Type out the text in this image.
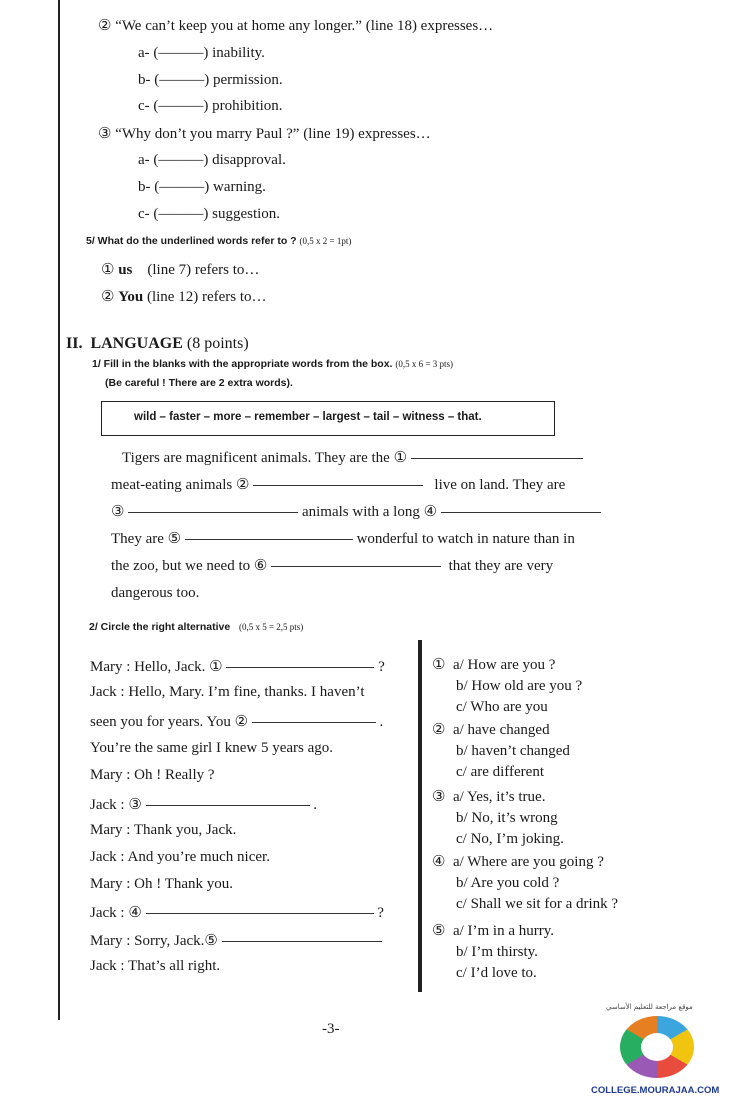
② “We can’t keep you at home any longer.” (line 18) expresses…
a- (———) inability.
b- (———) permission.
c- (———) prohibition.
③ “Why don’t you marry Paul ?” (line 19) expresses…
a- (———) disapproval.
b- (———) warning.
c- (———) suggestion.
5/ What do the underlined words refer to ? (0,5 x 2 = 1pt)
① us (line 7) refers to…
② You (line 12) refers to…
II. LANGUAGE (8 points)
1/ Fill in the blanks with the appropriate words from the box. (0,5 x 6 = 3 pts)
(Be careful ! There are 2 extra words).
wild – faster – more – remember – largest – tail – witness – that.
Tigers are magnificent animals. They are the ①
meat-eating animals ②	live on land. They are
③	animals with a long ④
They are ⑤	wonderful to watch in nature than in
the zoo, but we need to ⑥	that they are very
dangerous too.
2/ Circle the right alternative (0,5 x 5 = 2,5 pts)
Mary : Hello, Jack. ①	?
Jack : Hello, Mary. I’m fine, thanks. I haven’t
seen you for years. You ②	.
You’re the same girl I knew 5 years ago.
Mary : Oh ! Really ?
Jack : ③	.
Mary : Thank you, Jack.
Jack : And you’re much nicer.
Mary : Oh ! Thank you.
Jack : ④	?
Mary : Sorry, Jack.⑤
Jack : That’s all right.
① a/ How are you ?
b/ How old are you ?
c/ Who are you
② a/ have changed
b/ haven’t changed
c/ are different
③ a/ Yes, it’s true.
b/ No, it’s wrong
c/ No, I’m joking.
④ a/ Where are you going ?
b/ Are you cold ?
c/ Shall we sit for a drink ?
⑤ a/ I’m in a hurry.
b/ I’m thirsty.
c/ I’d love to.
-3-
موقع مراجعة للتعليم الأساسي
COLLEGE.MOURAJAA.COM
